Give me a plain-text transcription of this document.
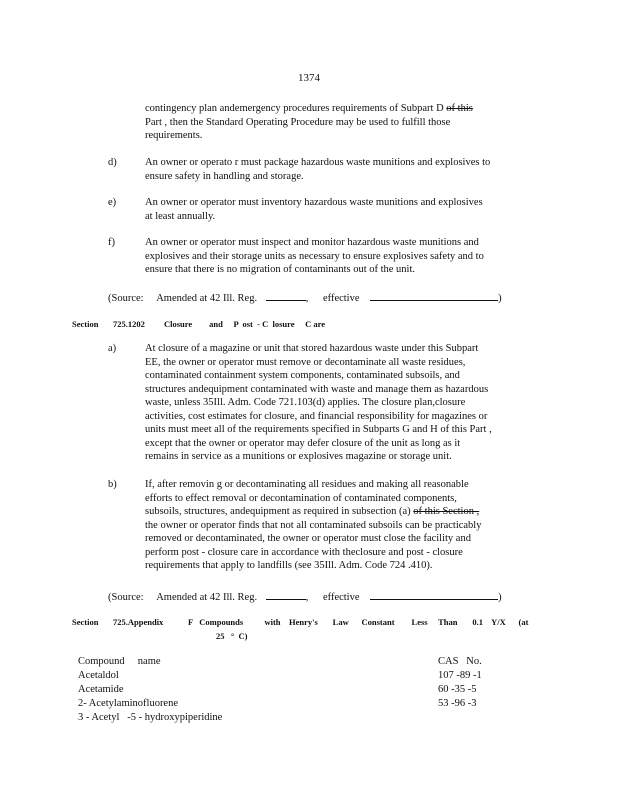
1374
contingency plan andemergency procedures requirements of Subpart D of this
Part , then the Standard Operating Procedure may be used to fulfill those
requirements.
d)	An owner or operato r must package hazardous waste munitions and explosives to
ensure safety in handling and storage.
e)	An owner or operator must inventory hazardous waste munitions and explosives
at least annually.
f)	An owner or operator must inspect and monitor hazardous waste munitions and
explosives and their storage units as necessary to ensure explosives safety and to
ensure that there is no migration of contaminants out of the unit.
(Source: Amended at 42 Ill. Reg.	, effective	)
Section 725.1202 Closure        and     P  ost  - C  losure     C are
a)	At closure of a magazine or unit that stored hazardous waste under this Subpart
EE, the owner or operator must remove or decontaminate all waste residues,
contaminated containment system components, contaminated subsoils, and
structures andequipment contaminated with waste and manage them as hazardous
waste, unless 35Ill. Adm. Code 721.103(d) applies. The closure plan,closure
activities, cost estimates for closure, and financial responsibility for magazines or
units must meet all of the requirements specified in Subparts G and H of this Part ,
except that the owner or operator may defer closure of the unit as long as it
remains in service as a munitions or explosives magazine or storage unit.
b)	If, after removin g or decontaminating all residues and making all reasonable
efforts to effect removal or decontamination of contaminated components,
subsoils, structures, andequipment as required in subsection (a) of this Section ,
the owner or operator finds that not all contaminated subsoils can be practicably
removed or decontaminated, the owner or operator must close the facility and
perform post - closure care in accordance with theclosure and post - closure
requirements that apply to landfills (see 35Ill. Adm. Code 724 .410).
(Source: Amended at 42 Ill. Reg.	, effective	)
Section 725.Appendix	F   Compounds          with    Henry's       Law      Constant        Less     Than       0.1    Y/X      (at
25   °  C)
Compound     name	CAS   No.
Acetaldol	107 -89 -1
Acetamide	60 -35 -5
2- Acetylaminofluorene	53 -96 -3
3 - Acetyl   -5 - hydroxypiperidine
